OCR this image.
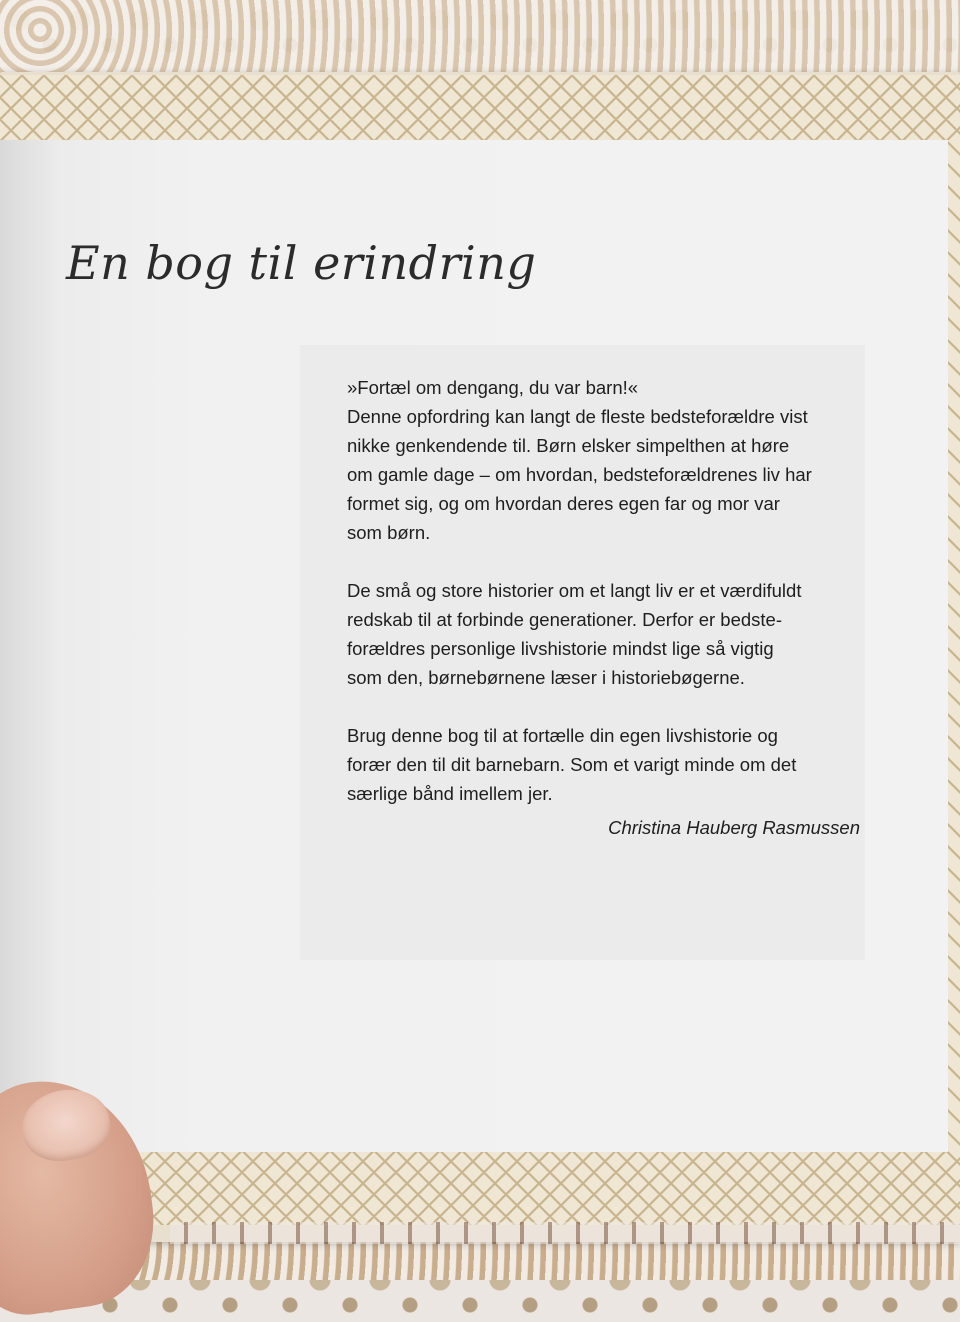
En bog til erindring

»Fortæl om dengang, du var barn!«
Denne opfordring kan langt de fleste bedsteforældre vist
nikke genkendende til. Børn elsker simpelthen at høre
om gamle dage – om hvordan, bedsteforældrenes liv har
formet sig, og om hvordan deres egen far og mor var
som børn.

De små og store historier om et langt liv er et værdifuldt
redskab til at forbinde generationer. Derfor er bedste-
forældres personlige livshistorie mindst lige så vigtig
som den, børnebørnene læser i historiebøgerne.

Brug denne bog til at fortælle din egen livshistorie og
forær den til dit barnebarn. Som et varigt minde om det
særlige bånd imellem jer.

Christina Hauberg Rasmussen
